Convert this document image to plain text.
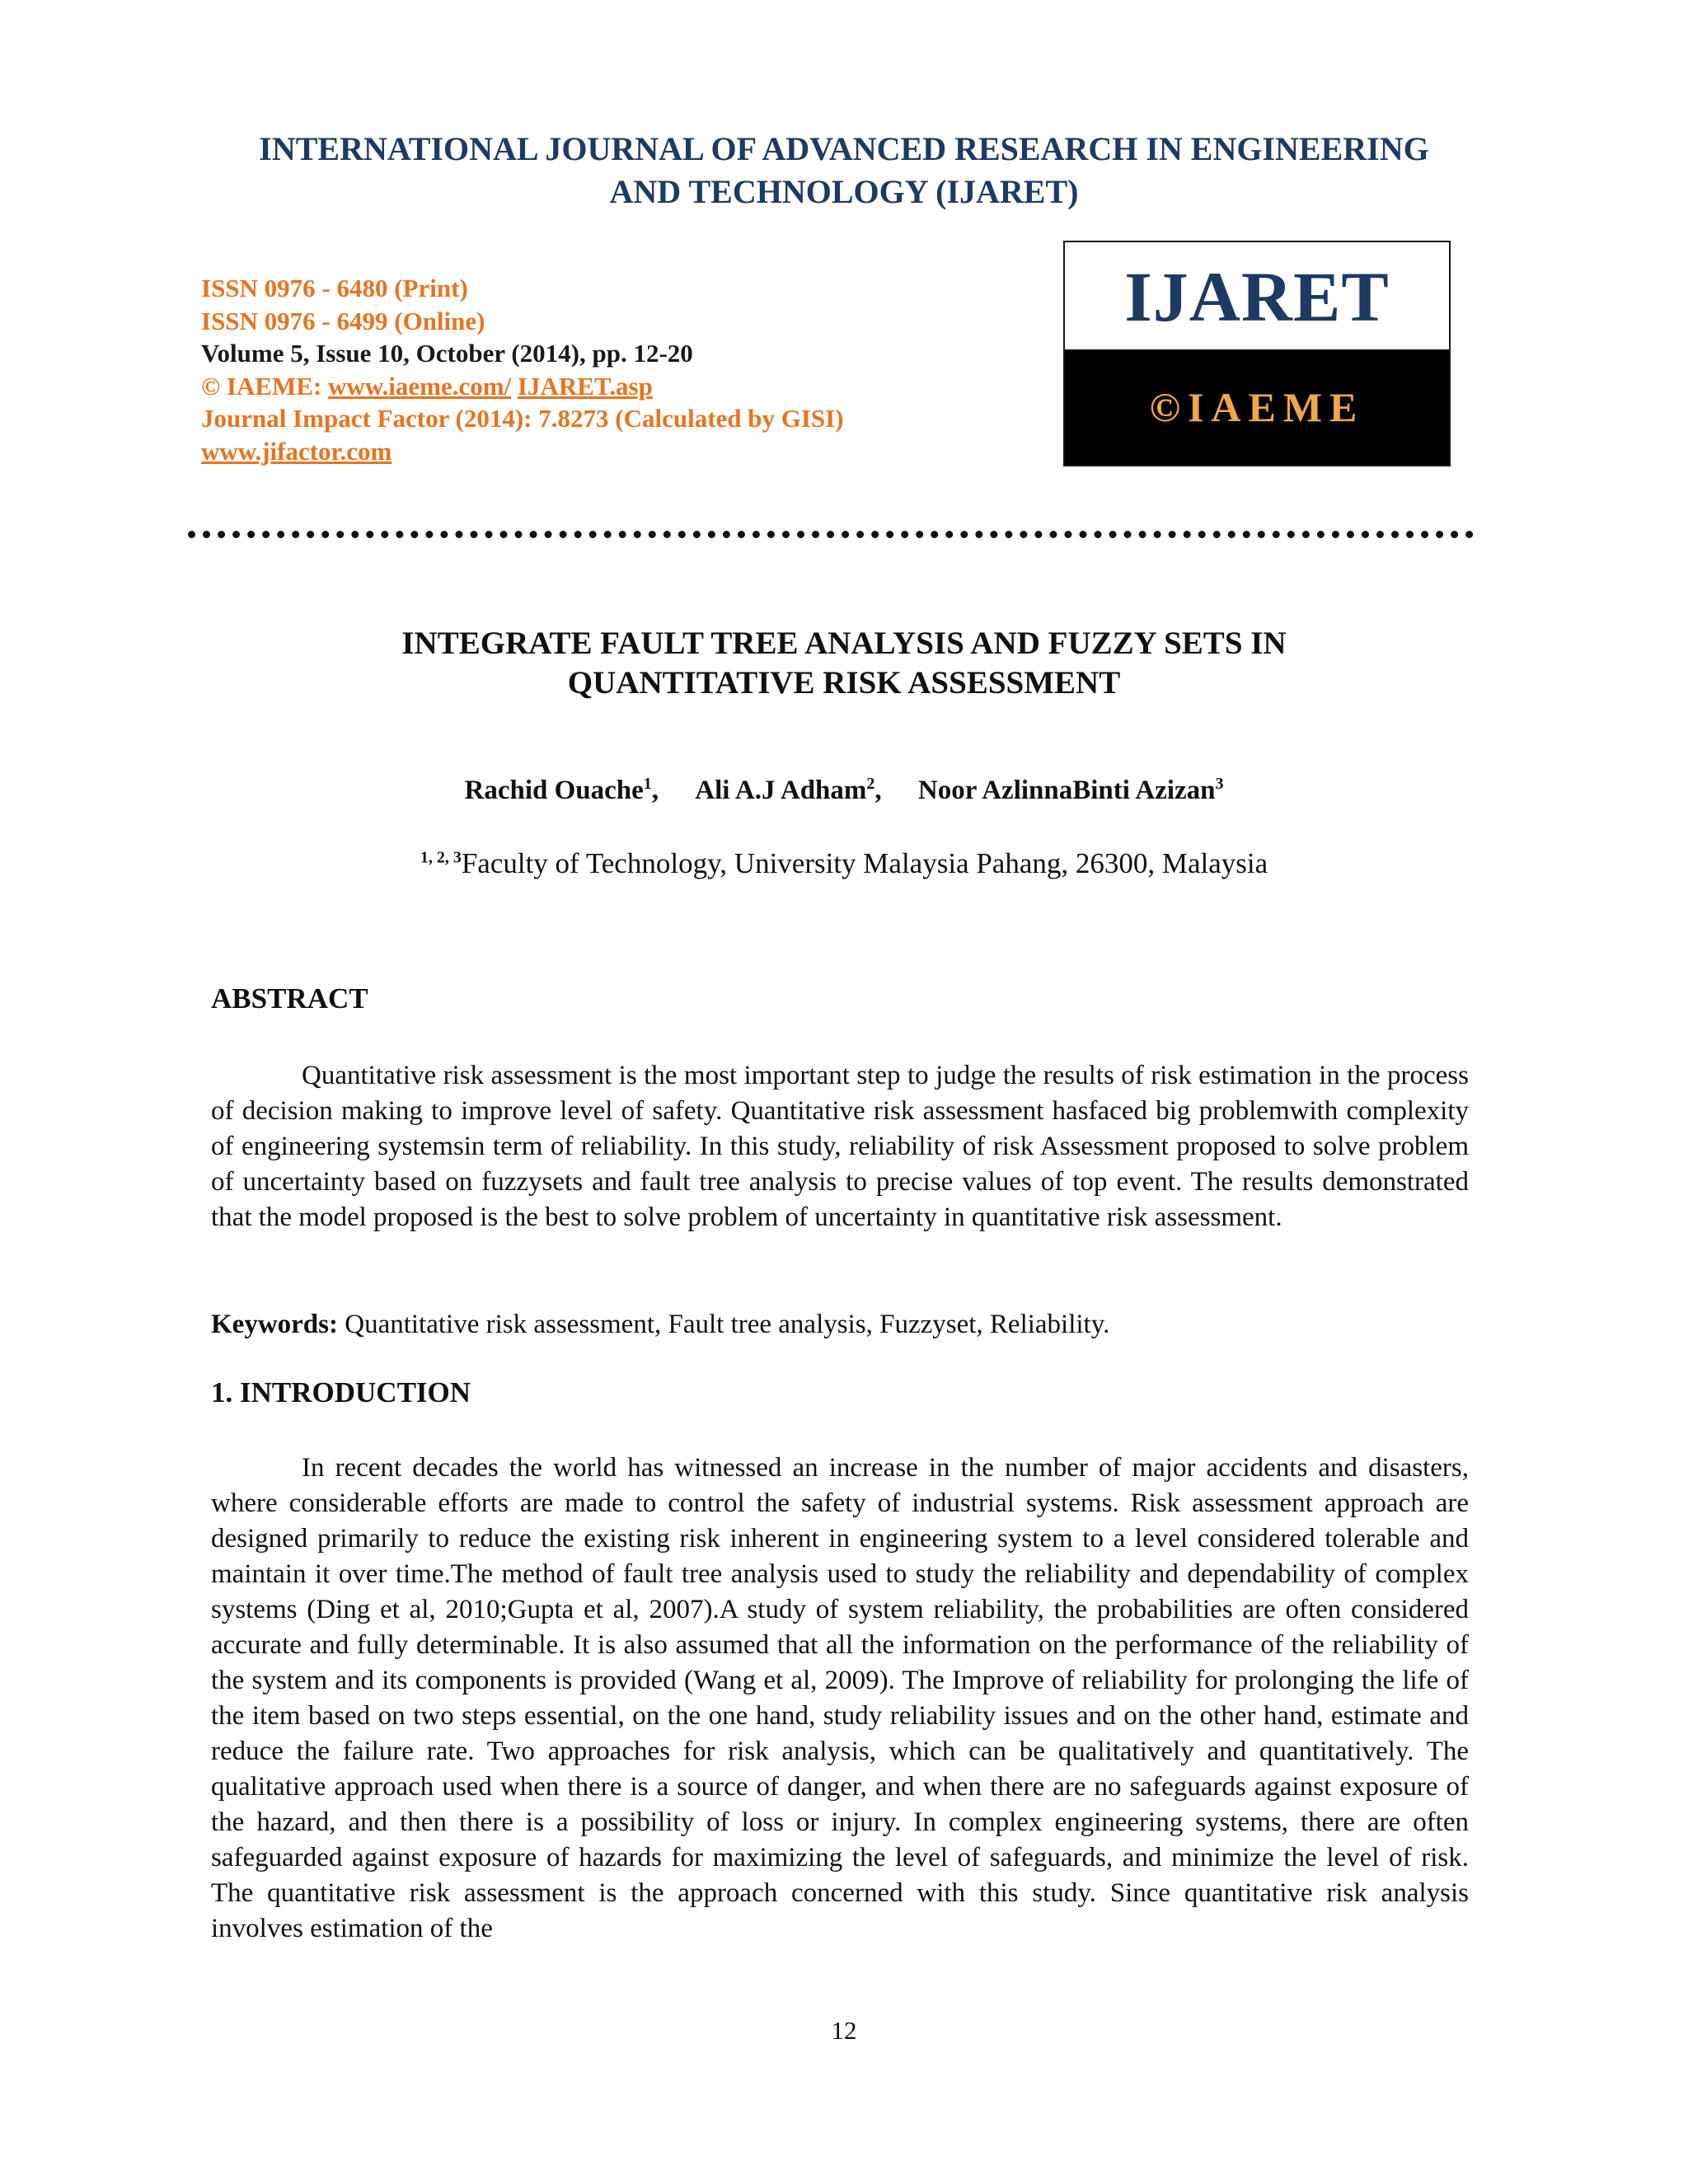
INTERNATIONAL JOURNAL OF ADVANCED RESEARCH IN ENGINEERING
AND TECHNOLOGY (IJARET)
ISSN 0976 - 6480 (Print)
ISSN 0976 - 6499 (Online)
Volume 5, Issue 10, October (2014), pp. 12-20
© IAEME: www.iaeme.com/ IJARET.asp
Journal Impact Factor (2014): 7.8273 (Calculated by GISI)
www.jifactor.com
IJARET
©IAEME
INTEGRATE FAULT TREE ANALYSIS AND FUZZY SETS IN
QUANTITATIVE RISK ASSESSMENT
Rachid Ouache$^1$, Ali A.J Adham$^2$, Noor AzlinnaBinti Azizan$^3$
$^{1, 2, 3}$Faculty of Technology, University Malaysia Pahang, 26300, Malaysia
ABSTRACT
Quantitative risk assessment is the most important step to judge the results of risk estimation in the process of decision making to improve level of safety. Quantitative risk assessment hasfaced big problemwith complexity of engineering systemsin term of reliability. In this study, reliability of risk Assessment proposed to solve problem of uncertainty based on fuzzysets and fault tree analysis to precise values of top event. The results demonstrated that the model proposed is the best to solve problem of uncertainty in quantitative risk assessment.
Keywords: Quantitative risk assessment, Fault tree analysis, Fuzzyset, Reliability.
1. INTRODUCTION
In recent decades the world has witnessed an increase in the number of major accidents and disasters, where considerable efforts are made to control the safety of industrial systems. Risk assessment approach are designed primarily to reduce the existing risk inherent in engineering system to a level considered tolerable and maintain it over time.The method of fault tree analysis used to study the reliability and dependability of complex systems (Ding et al, 2010;Gupta et al, 2007).A study of system reliability, the probabilities are often considered accurate and fully determinable. It is also assumed that all the information on the performance of the reliability of the system and its components is provided (Wang et al, 2009). The Improve of reliability for prolonging the life of the item based on two steps essential, on the one hand, study reliability issues and on the other hand, estimate and reduce the failure rate. Two approaches for risk analysis, which can be qualitatively and quantitatively. The qualitative approach used when there is a source of danger, and when there are no safeguards against exposure of the hazard, and then there is a possibility of loss or injury. In complex engineering systems, there are often safeguarded against exposure of hazards for maximizing the level of safeguards, and minimize the level of risk. The quantitative risk assessment is the approach concerned with this study. Since quantitative risk analysis involves estimation of the
12
